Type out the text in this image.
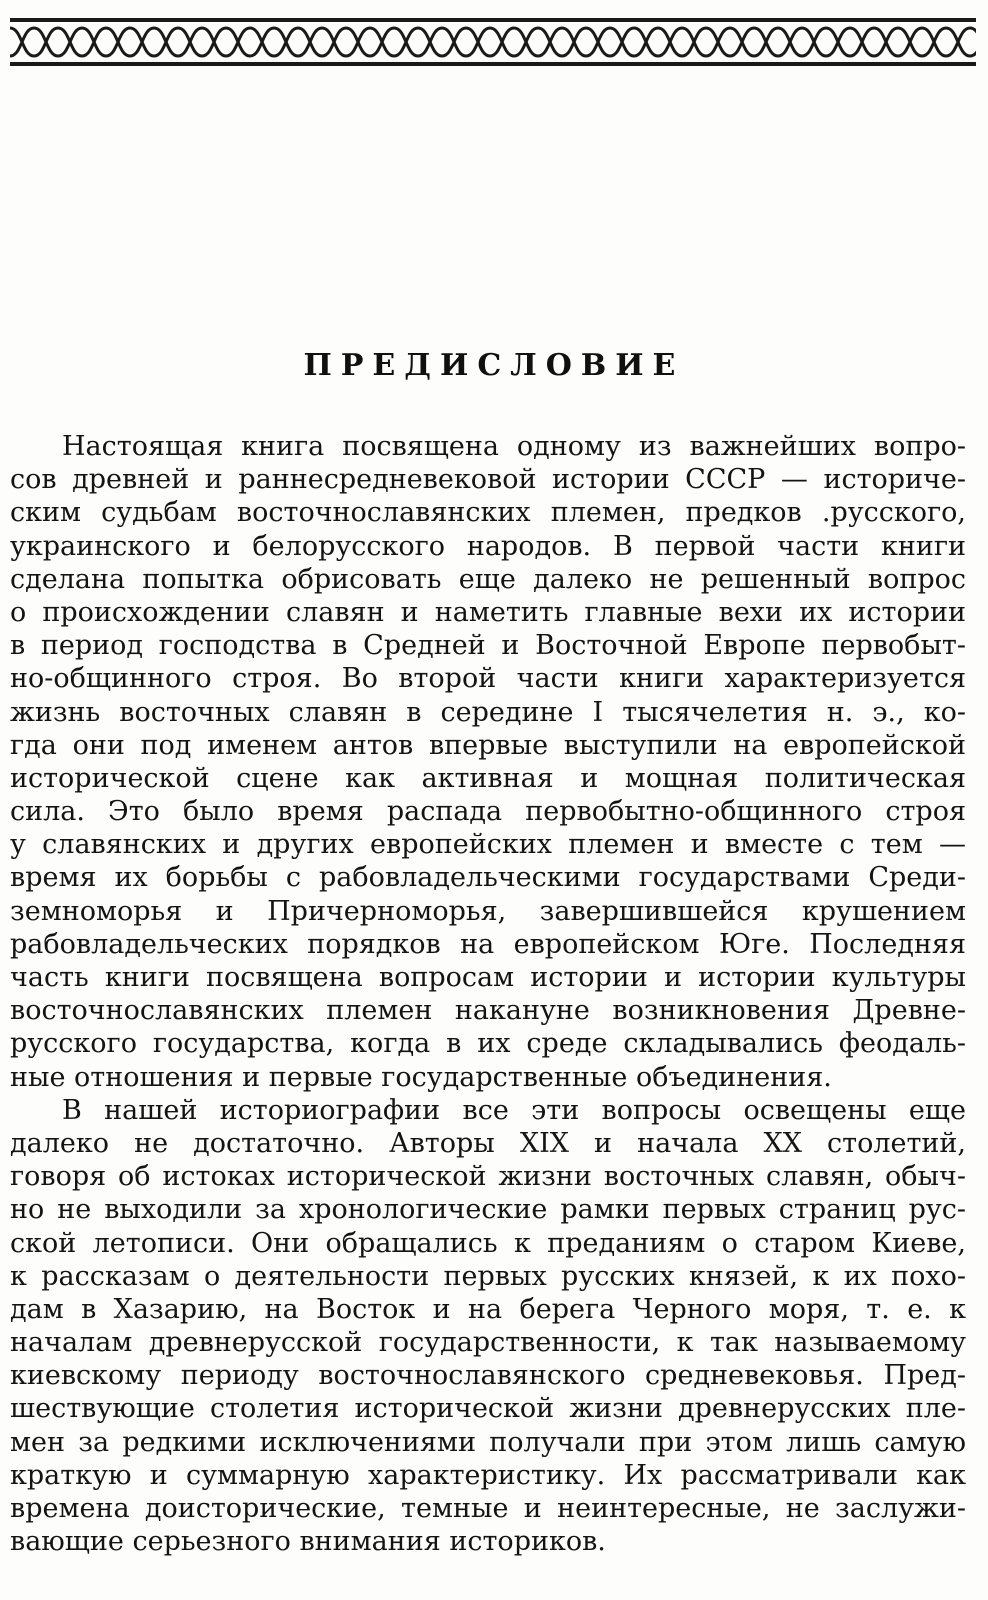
ПРЕДИСЛОВИЕ
Настоящая книга посвящена одному из важнейших вопро-
сов древней и раннесредневековой истории СССР — историче-
ским судьбам восточнославянских племен, предков .русского,
украинского и белорусского народов. В первой части книги
сделана попытка обрисовать еще далеко не решенный вопрос
о происхождении славян и наметить главные вехи их истории
в период господства в Средней и Восточной Европе первобыт-
но-общинного строя. Во второй части книги характеризуется
жизнь восточных славян в середине I тысячелетия н. э., ко-
гда они под именем антов впервые выступили на европейской
исторической сцене как активная и мощная политическая
сила. Это было время распада первобытно-общинного строя
у славянских и других европейских племен и вместе с тем —
время их борьбы с рабовладельческими государствами Среди-
земноморья и Причерноморья, завершившейся крушением
рабовладельческих порядков на европейском Юге. Последняя
часть книги посвящена вопросам истории и истории культуры
восточнославянских племен накануне возникновения Древне-
русского государства, когда в их среде складывались феодаль-
ные отношения и первые государственные объединения.
В нашей историографии все эти вопросы освещены еще
далеко не достаточно. Авторы XIX и начала XX столетий,
говоря об истоках исторической жизни восточных славян, обыч-
но не выходили за хронологические рамки первых страниц рус-
ской летописи. Они обращались к преданиям о старом Киеве,
к рассказам о деятельности первых русских князей, к их похо-
дам в Хазарию, на Восток и на берега Черного моря, т. е. к
началам древнерусской государственности, к так называемому
киевскому периоду восточнославянского средневековья. Пред-
шествующие столетия исторической жизни древнерусских пле-
мен за редкими исключениями получали при этом лишь самую
краткую и суммарную характеристику. Их рассматривали как
времена доисторические, темные и неинтересные, не заслужи-
вающие серьезного внимания историков.
